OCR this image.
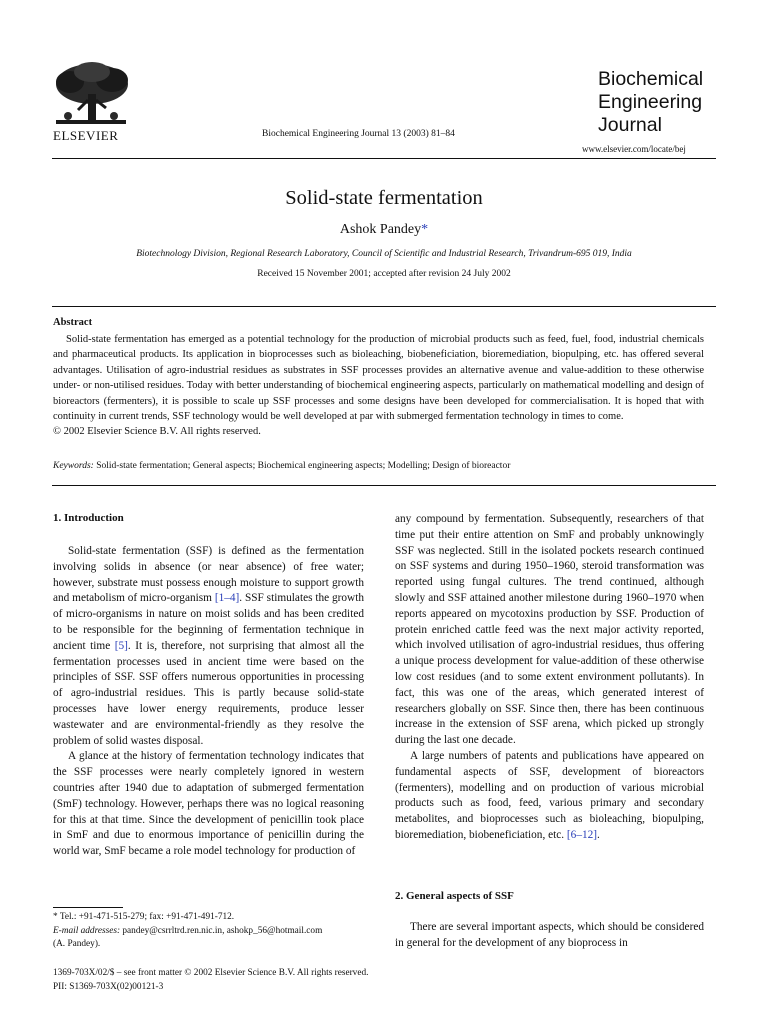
ELSEVIER	Biochemical Engineering Journal 13 (2003) 81–84
Biochemical
Engineering
Journal
www.elsevier.com/locate/bej
Solid-state fermentation
Ashok Pandey*
Biotechnology Division, Regional Research Laboratory, Council of Scientific and Industrial Research, Trivandrum-695 019, India
Received 15 November 2001; accepted after revision 24 July 2002
Abstract

Solid-state fermentation has emerged as a potential technology for the production of microbial products such as feed, fuel, food, industrial chemicals and pharmaceutical products. Its application in bioprocesses such as bioleaching, biobeneficiation, bioremediation, biopulping, etc. has offered several advantages. Utilisation of agro-industrial residues as substrates in SSF processes provides an alternative avenue and value-addition to these otherwise under- or non-utilised residues. Today with better understanding of biochemical engineering aspects, particularly on mathematical modelling and design of bioreactors (fermenters), it is possible to scale up SSF processes and some designs have been developed for commercialisation. It is hoped that with continuity in current trends, SSF technology would be well developed at par with submerged fermentation technology in times to come.

© 2002 Elsevier Science B.V. All rights reserved.
Keywords: Solid-state fermentation; General aspects; Biochemical engineering aspects; Modelling; Design of bioreactor
1. Introduction

Solid-state fermentation (SSF) is defined as the fermentation involving solids in absence (or near absence) of free water; however, substrate must possess enough moisture to support growth and metabolism of micro-organism [1–4]. SSF stimulates the growth of micro-organisms in nature on moist solids and has been credited to be responsible for the beginning of fermentation technique in ancient time [5]. It is, therefore, not surprising that almost all the fermentation processes used in ancient time were based on the principles of SSF. SSF offers numerous opportunities in processing of agro-industrial residues. This is partly because solid-state processes have lower energy requirements, produce lesser wastewater and are environmental-friendly as they resolve the problem of solid wastes disposal.

A glance at the history of fermentation technology indicates that the SSF processes were nearly completely ignored in western countries after 1940 due to adaptation of submerged fermentation (SmF) technology. However, perhaps there was no logical reasoning for this at that time. Since the development of penicillin took place in SmF and due to enormous importance of penicillin during the world war, SmF became a role model technology for production of

any compound by fermentation. Subsequently, researchers of that time put their entire attention on SmF and probably unknowingly SSF was neglected. Still in the isolated pockets research continued on SSF systems and during 1950–1960, steroid transformation was reported using fungal cultures. The trend continued, although slowly and SSF attained another milestone during 1960–1970 when reports appeared on mycotoxins production by SSF. Production of protein enriched cattle feed was the next major activity reported, which involved utilisation of agro-industrial residues, thus offering a unique process development for value-addition of these otherwise low cost residues (and to some extent environment pollutants). In fact, this was one of the areas, which generated interest of researchers globally on SSF. Since then, there has been continuous increase in the extension of SSF arena, which picked up strongly during the last one decade.

A large numbers of patents and publications have appeared on fundamental aspects of SSF, development of bioreactors (fermenters), modelling and on production of various microbial products such as food, feed, various primary and secondary metabolites, and bioprocesses such as bioleaching, biopulping, bioremediation, biobeneficiation, etc. [6–12].

2. General aspects of SSF

There are several important aspects, which should be considered in general for the development of any bioprocess in

* Tel.: +91-471-515-279; fax: +91-471-491-712.
E-mail addresses: pandey@csrrltrd.ren.nic.in, ashokp_56@hotmail.com
(A. Pandey).
1369-703X/02/$ – see front matter © 2002 Elsevier Science B.V. All rights reserved.
PII: S1369-703X(02)00121-3
